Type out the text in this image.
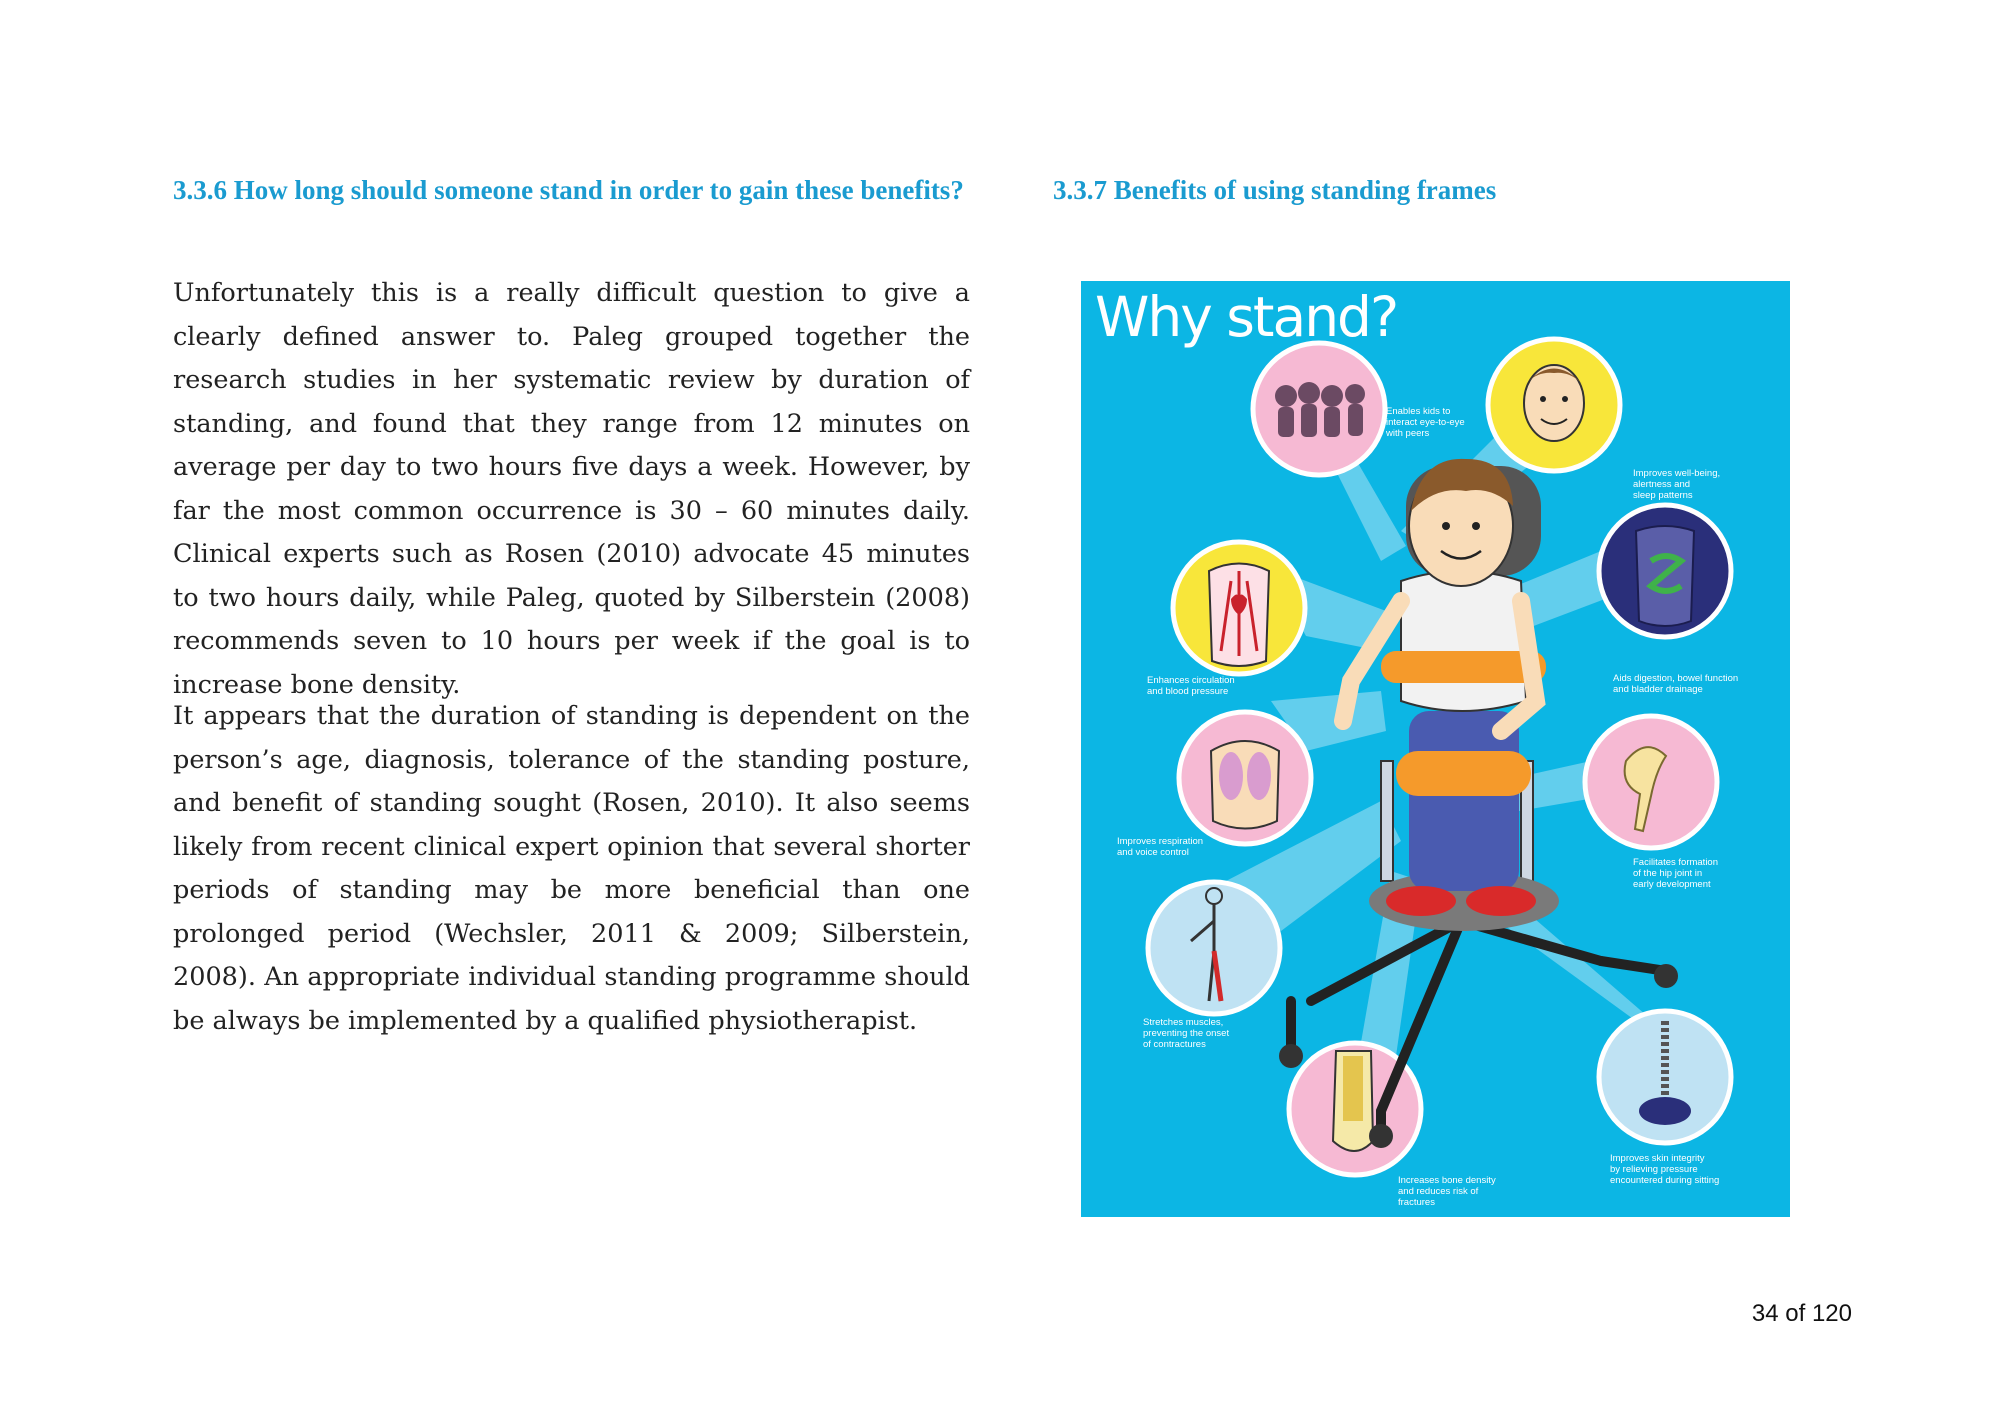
3.3.6 How long should someone stand in order to gain these benefits?

Unfortunately this is a really difficult question to give a clearly defined answer to. Paleg grouped together the research studies in her systematic review by duration of standing, and found that they range from 12 minutes on average per day to two hours five days a week. However, by far the most common occurrence is 30 – 60 minutes daily. Clinical experts such as Rosen (2010) advocate 45 minutes to two hours daily, while Paleg, quoted by Silberstein (2008) recommends seven to 10 hours per week if the goal is to increase bone density.

It appears that the duration of standing is dependent on the person’s age, diagnosis, tolerance of the standing posture, and benefit of standing sought (Rosen, 2010). It also seems likely from recent clinical expert opinion that several shorter periods of standing may be more beneficial than one prolonged period (Wechsler, 2011 & 2009; Silberstein, 2008). An appropriate individual standing programme should be always be implemented by a qualified physiotherapist.

3.3.7 Benefits of using standing frames
Why stand?
Enables kids to
interact eye-to-eye
with peers
Improves well-being,
alertness and
sleep patterns
Enhances circulation
and blood pressure
Aids digestion, bowel function
and bladder drainage
Improves respiration
and voice control
Facilitates formation
of the hip joint in
early development
Stretches muscles,
preventing the onset
of contractures
Increases bone density
and reduces risk of
fractures
Improves skin integrity
by relieving pressure
encountered during sitting
34 of 120
